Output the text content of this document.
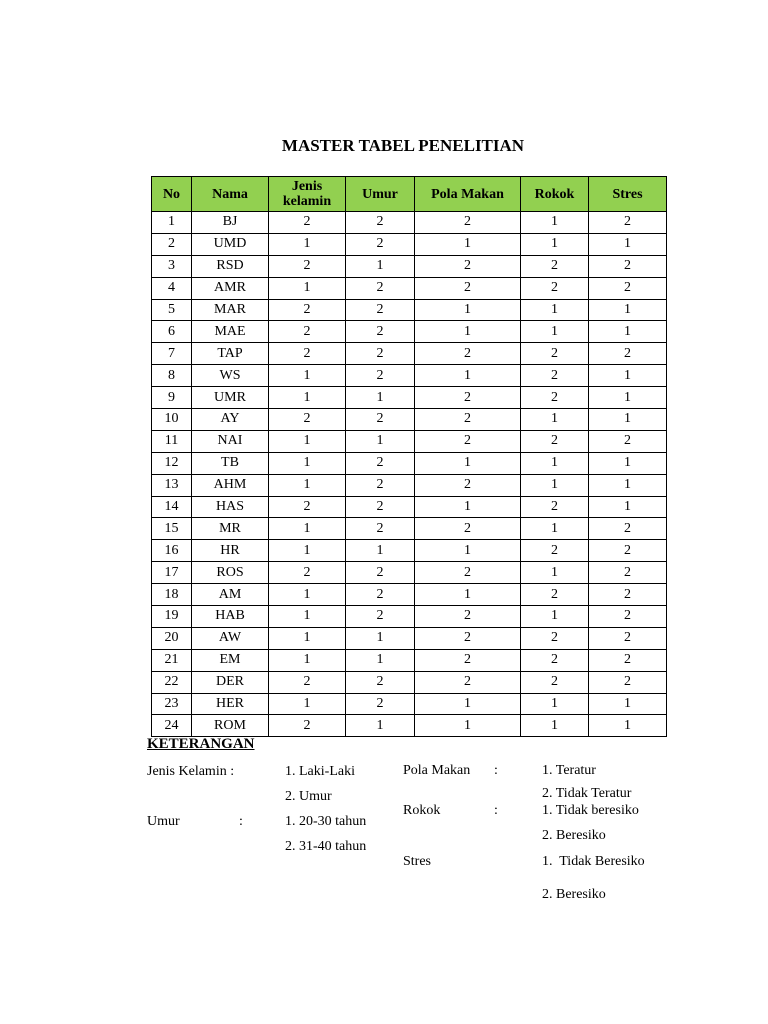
MASTER TABEL PENELITIAN
No	Nama	Jenis kelamin	Umur	Pola Makan	Rokok	Stres
1	BJ	2	2	2	1	2
2	UMD	1	2	1	1	1
3	RSD	2	1	2	2	2
4	AMR	1	2	2	2	2
5	MAR	2	2	1	1	1
6	MAE	2	2	1	1	1
7	TAP	2	2	2	2	2
8	WS	1	2	1	2	1
9	UMR	1	1	2	2	1
10	AY	2	2	2	1	1
11	NAI	1	1	2	2	2
12	TB	1	2	1	1	1
13	AHM	1	2	2	1	1
14	HAS	2	2	1	2	1
15	MR	1	2	2	1	2
16	HR	1	1	1	2	2
17	ROS	2	2	2	1	2
18	AM	1	2	1	2	2
19	HAB	1	2	2	1	2
20	AW	1	1	2	2	2
21	EM	1	1	2	2	2
22	DER	2	2	2	2	2
23	HER	1	2	1	1	1
24	ROM	2	1	1	1	1
KETERANGAN
Jenis Kelamin :	1. Laki-Laki
2. Umur
Umur	:	1. 20-30 tahun
2. 31-40 tahun
Pola Makan :	1. Teratur
2. Tidak Teratur
Rokok	:	1. Tidak beresiko
2. Beresiko
Stres	1.  Tidak Beresiko
2. Beresiko
